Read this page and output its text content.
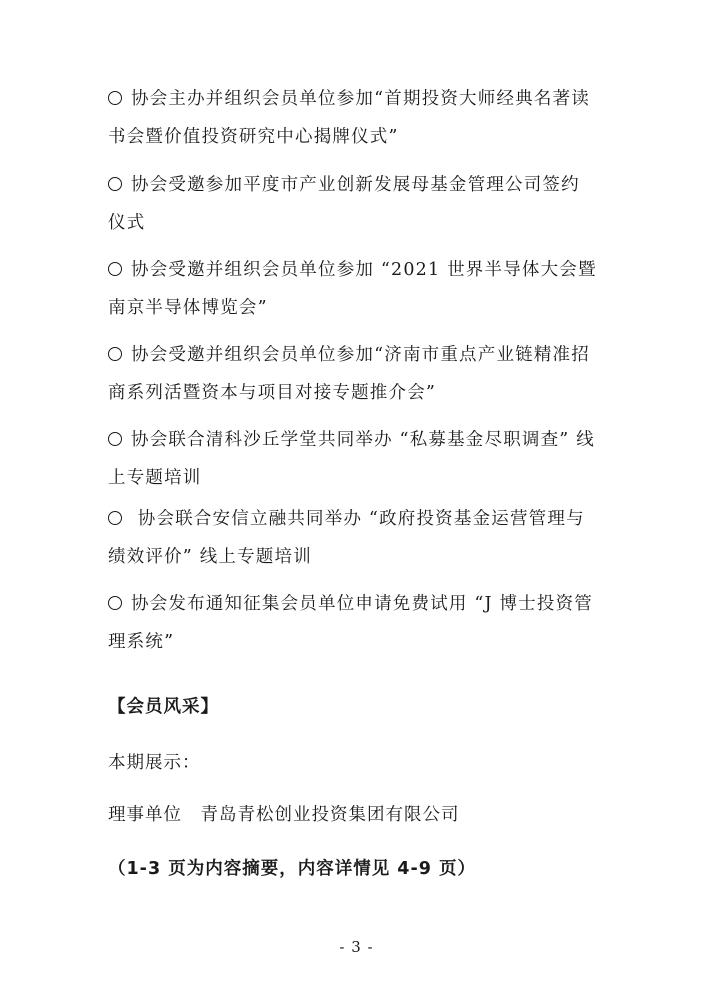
协会主办并组织会员单位参加“首期投资大师经典名著读
书会暨价值投资研究中心揭牌仪式”
协会受邀参加平度市产业创新发展母基金管理公司签约
仪式
协会受邀并组织会员单位参加 “2021 世界半导体大会暨
南京半导体博览会”
协会受邀并组织会员单位参加“济南市重点产业链精准招
商系列活暨资本与项目对接专题推介会”
协会联合清科沙丘学堂共同举办 “私募基金尽职调查” 线
上专题培训
协会联合安信立融共同举办 “政府投资基金运营管理与
绩效评价” 线上专题培训
协会发布通知征集会员单位申请免费试用 “J 博士投资管
理系统”

【会员风采】

本期展示：

理事单位　青岛青松创业投资集团有限公司

（1-3 页为内容摘要，内容详情见 4-9 页）

- 3 -
